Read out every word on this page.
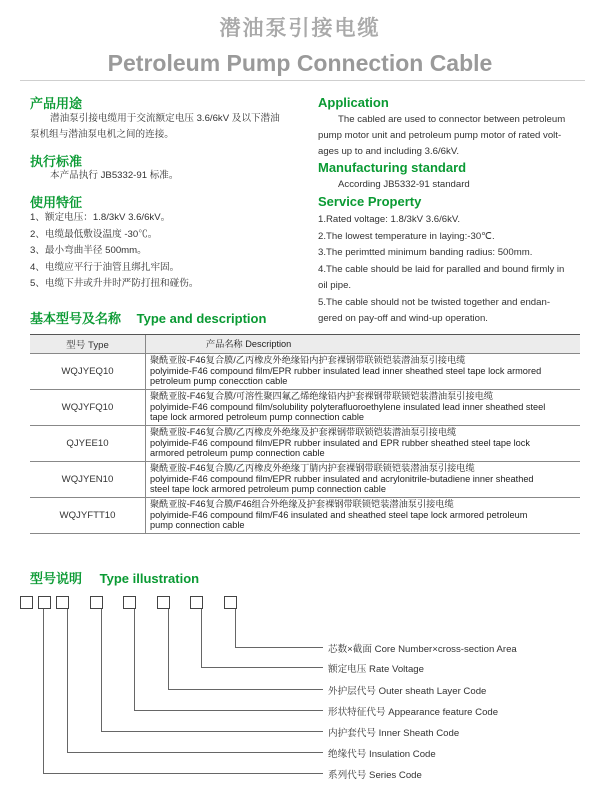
潜油泵引接电缆
Petroleum Pump Connection Cable
产品用途
潜油泵引接电缆用于交流额定电压 3.6/6kV 及以下潜油
泵机组与潜油泵电机之间的连接。
执行标准
本产品执行 JB5332-91 标准。
使用特征
1、额定电压：1.8/3kV 3.6/6kV。
2、电缆最低敷设温度 -30℃。
3、最小弯曲半径 500mm。
4、电缆应平行于油管且绑扎牢固。
5、电缆下井或升井时严防打扭和碰伤。
Application
The cabled are used to connector between petroleum
pump motor unit and petroleum pump motor of rated volt-
ages up to and including 3.6/6kV.
Manufacturing standard
According JB5332-91 standard
Service Property
1.Rated voltage: 1.8/3kV 3.6/6kV.
2.The lowest temperature in laying:-30℃.
3.The perimtted minimum banding radius: 500mm.
4.The cable should be laid for paralled and bound firmly in
oil pipe.
5.The cable should not be twisted together and endan-
gered on pay-off and wind-up operation.
基本型号及名称 Type and description
型号 Type	产品名称 Description
WQJYEQ10
聚酰亚胺-F46复合膜/乙丙橡皮外绝缘铅内护套裸钢带联锁铠装潜油泵引接电缆
polyimide-F46 compound film/EPR rubber insulated lead inner sheathed steel tape lock armored
petroleum pump conecction cable
WQJYFQ10
聚酰亚胺-F46复合膜/可溶性聚四氟乙烯绝缘铅内护套裸钢带联锁铠装潜油泵引接电缆
polyimide-F46 compound film/solubility polyterafluoroethylene insulated lead inner sheathed steel
tape lock armored petroleum pump connection cable
QJYEE10
聚酰亚胺-F46复合膜/乙丙橡皮外绝缘及护套裸钢带联锁铠装潜油泵引接电缆
polyimide-F46 compound film/EPR rubber insulated and EPR rubber sheathed steel tape lock
armored petroleum pump connection cable
WQJYEN10
聚酰亚胺-F46复合膜/乙丙橡皮外绝缘丁腈内护套裸钢带联锁铠装潜油泵引接电缆
polyimide-F46 compound film/EPR rubber insulated and acrylonitrile-butadiene inner sheathed
steel tape lock armored petroleum pump connection cable
WQJYFTT10
聚酰亚胺-F46复合膜/F46组合外绝缘及护套裸钢带联锁铠装潜油泵引接电缆
polyimide-F46 compound film/F46 insulated and sheathed steel tape lock armored petroleum
pump connection cable
型号说明 Type illustration
芯数×截面 Core Number×cross-section Area
额定电压 Rate Voltage
外护层代号 Outer sheath Layer Code
形状特征代号 Appearance feature Code
内护套代号 Inner Sheath Code
绝缘代号 Insulation Code
系列代号 Series Code
